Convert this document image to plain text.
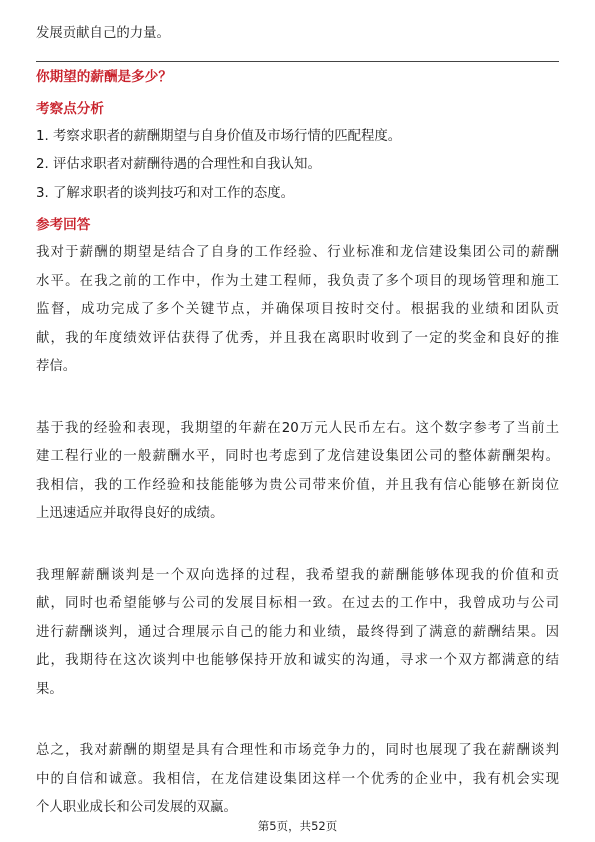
发展贡献自己的力量。
你期望的薪酬是多少？
考察点分析
1. 考察求职者的薪酬期望与自身价值及市场行情的匹配程度。
2. 评估求职者对薪酬待遇的合理性和自我认知。
3. 了解求职者的谈判技巧和对工作的态度。
参考回答
我对于薪酬的期望是结合了自身的工作经验、行业标准和龙信建设集团公司的薪酬
水平。在我之前的工作中，作为土建工程师，我负责了多个项目的现场管理和施工
监督，成功完成了多个关键节点，并确保项目按时交付。根据我的业绩和团队贡
献，我的年度绩效评估获得了优秀，并且我在离职时收到了一定的奖金和良好的推
荐信。
基于我的经验和表现，我期望的年薪在20万元人民币左右。这个数字参考了当前土
建工程行业的一般薪酬水平，同时也考虑到了龙信建设集团公司的整体薪酬架构。
我相信，我的工作经验和技能能够为贵公司带来价值，并且我有信心能够在新岗位
上迅速适应并取得良好的成绩。
我理解薪酬谈判是一个双向选择的过程，我希望我的薪酬能够体现我的价值和贡
献，同时也希望能够与公司的发展目标相一致。在过去的工作中，我曾成功与公司
进行薪酬谈判，通过合理展示自己的能力和业绩，最终得到了满意的薪酬结果。因
此，我期待在这次谈判中也能够保持开放和诚实的沟通，寻求一个双方都满意的结
果。
总之，我对薪酬的期望是具有合理性和市场竞争力的，同时也展现了我在薪酬谈判
中的自信和诚意。我相信，在龙信建设集团这样一个优秀的企业中，我有机会实现
个人职业成长和公司发展的双赢。
第5页，共52页
